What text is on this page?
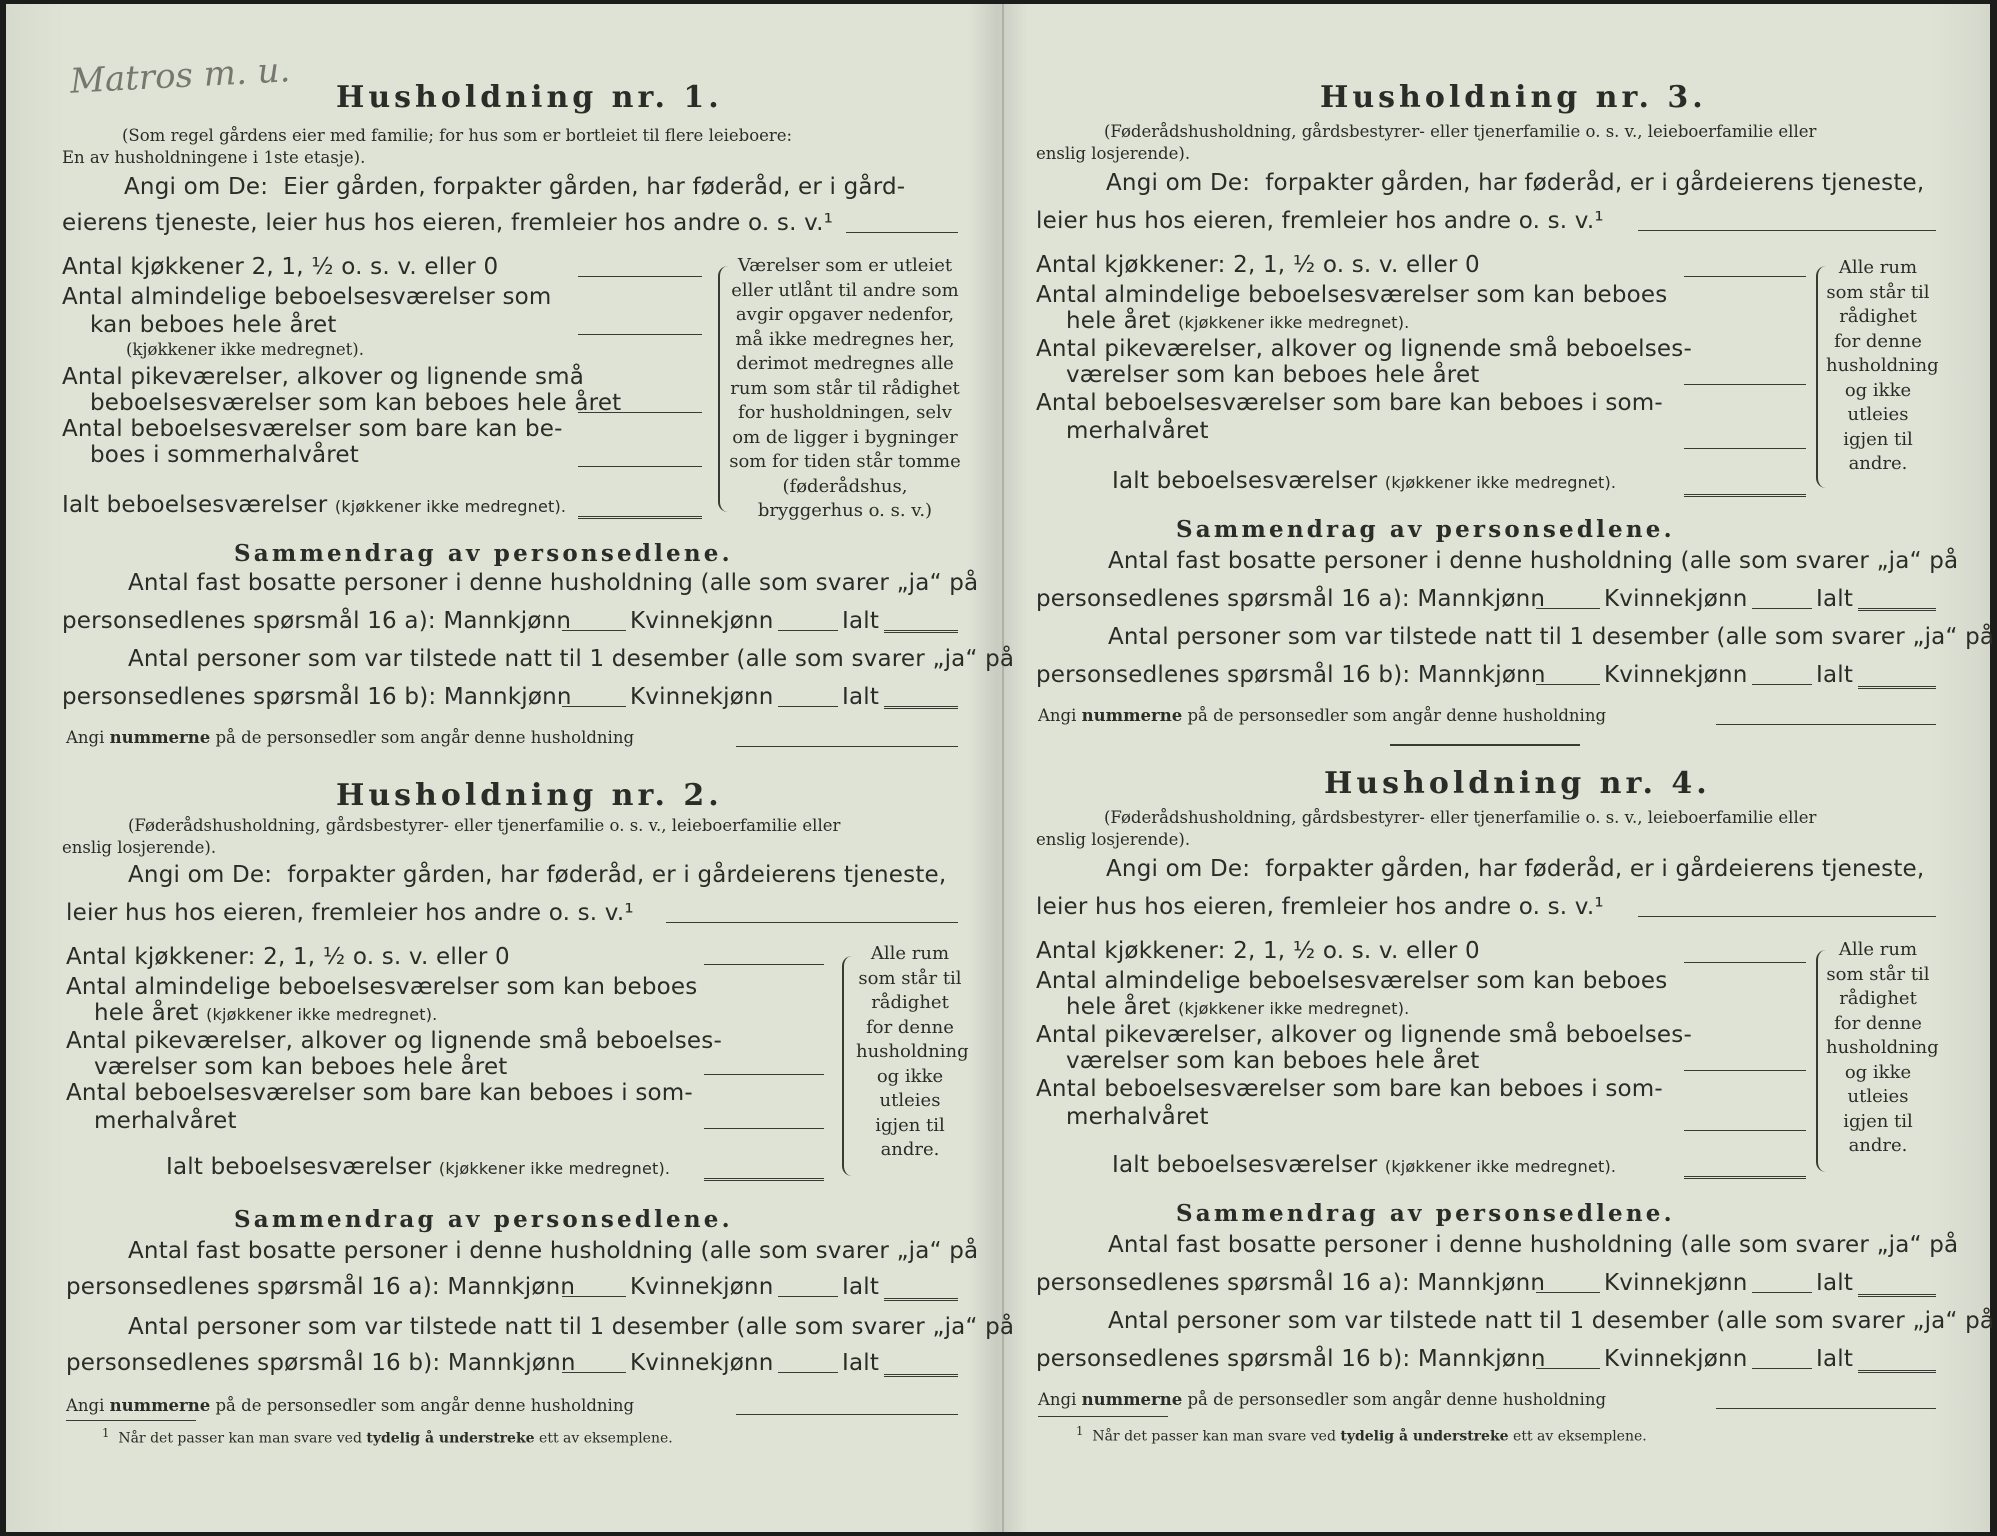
Matros m. u. Husholdning nr. 1.
(Som regel gårdens eier med familie; for hus som er bortleiet til flere leieboere:
En av husholdningene i 1ste etasje).
Angi om De: Eier gården, forpakter gården, har føderåd, er i gård-
eierens tjeneste, leier hus hos eieren, fremleier hos andre o. s. v.¹
Antal kjøkkener 2, 1, ½ o. s. v. eller 0
Antal almindelige beboelsesværelser som
kan beboes hele året
(kjøkkener ikke medregnet).
Antal pikeværelser, alkover og lignende små
beboelsesværelser som kan beboes hele året
Antal beboelsesværelser som bare kan be-
boes i sommerhalvåret
Ialt beboelsesværelser (kjøkkener ikke medregnet).
Værelser som er utleiet eller utlånt til andre som avgir opgaver nedenfor, må ikke medregnes her, derimot medregnes alle rum som står til rådighet for husholdningen, selv om de ligger i bygninger som for tiden står tomme (føderådshus, bryggerhus o. s. v.)
Sammendrag av personsedlene.
Antal fast bosatte personer i denne husholdning (alle som svarer „ja“ på
personsedlenes spørsmål 16 a): Mannkjønn	Kvinnekjønn	Ialt
Antal personer som var tilstede natt til 1 desember (alle som svarer „ja“ på
personsedlenes spørsmål 16 b): Mannkjønn	Kvinnekjønn	Ialt
Angi nummerne på de personsedler som angår denne husholdning
Husholdning nr. 2.
(Føderådshusholdning, gårdsbestyrer- eller tjenerfamilie o. s. v., leieboerfamilie eller
enslig losjerende).
Angi om De: forpakter gården, har føderåd, er i gårdeierens tjeneste,
leier hus hos eieren, fremleier hos andre o. s. v.¹
Antal kjøkkener: 2, 1, ½ o. s. v. eller 0
Antal almindelige beboelsesværelser som kan beboes
hele året (kjøkkener ikke medregnet).
Antal pikeværelser, alkover og lignende små beboelses-
værelser som kan beboes hele året
Antal beboelsesværelser som bare kan beboes i som-
merhalvåret
Ialt beboelsesværelser (kjøkkener ikke medregnet).
Alle rum som står til rådighet for denne husholdning og ikke utleies igjen til andre.
Sammendrag av personsedlene.
Antal fast bosatte personer i denne husholdning (alle som svarer „ja“ på
personsedlenes spørsmål 16 a): Mannkjønn Kvinnekjønn	Ialt
Antal personer som var tilstede natt til 1 desember (alle som svarer „ja“ på
personsedlenes spørsmål 16 b): Mannkjønn Kvinnekjønn	Ialt
Angi nummerne på de personsedler som angår denne husholdning
$^1$ Når det passer kan man svare ved tydelig å understreke ett av eksemplene.
Husholdning nr. 3.
(Føderådshusholdning, gårdsbestyrer- eller tjenerfamilie o. s. v., leieboerfamilie eller
enslig losjerende).
Angi om De: forpakter gården, har føderåd, er i gårdeierens tjeneste,
leier hus hos eieren, fremleier hos andre o. s. v.¹
Antal kjøkkener: 2, 1, ½ o. s. v. eller 0
Antal almindelige beboelsesværelser som kan beboes
hele året (kjøkkener ikke medregnet).
Antal pikeværelser, alkover og lignende små beboelses-
værelser som kan beboes hele året
Antal beboelsesværelser som bare kan beboes i som-
merhalvåret
Ialt beboelsesværelser (kjøkkener ikke medregnet).
Alle rum som står til rådighet for denne husholdning og ikke utleies igjen til andre.
Sammendrag av personsedlene.
Antal fast bosatte personer i denne husholdning (alle som svarer „ja“ på
personsedlenes spørsmål 16 a): Mannkjønn	Kvinnekjønn	Ialt
Antal personer som var tilstede natt til 1 desember (alle som svarer „ja“ på
personsedlenes spørsmål 16 b): Mannkjønn	Kvinnekjønn	Ialt
Angi nummerne på de personsedler som angår denne husholdning
Husholdning nr. 4.
(Føderådshusholdning, gårdsbestyrer- eller tjenerfamilie o. s. v., leieboerfamilie eller
enslig losjerende).
Angi om De: forpakter gården, har føderåd, er i gårdeierens tjeneste,
leier hus hos eieren, fremleier hos andre o. s. v.¹
Antal kjøkkener: 2, 1, ½ o. s. v. eller 0
Antal almindelige beboelsesværelser som kan beboes
hele året (kjøkkener ikke medregnet).
Antal pikeværelser, alkover og lignende små beboelses-
værelser som kan beboes hele året
Antal beboelsesværelser som bare kan beboes i som-
merhalvåret
Ialt beboelsesværelser (kjøkkener ikke medregnet).
Alle rum som står til rådighet for denne husholdning og ikke utleies igjen til andre.
Sammendrag av personsedlene.
Antal fast bosatte personer i denne husholdning (alle som svarer „ja“ på
personsedlenes spørsmål 16 a): Mannkjønn	Kvinnekjønn	Ialt
Antal personer som var tilstede natt til 1 desember (alle som svarer „ja“ på
personsedlenes spørsmål 16 b): Mannkjønn	Kvinnekjønn	Ialt
Angi nummerne på de personsedler som angår denne husholdning
$^1$ Når det passer kan man svare ved tydelig å understreke ett av eksemplene.
